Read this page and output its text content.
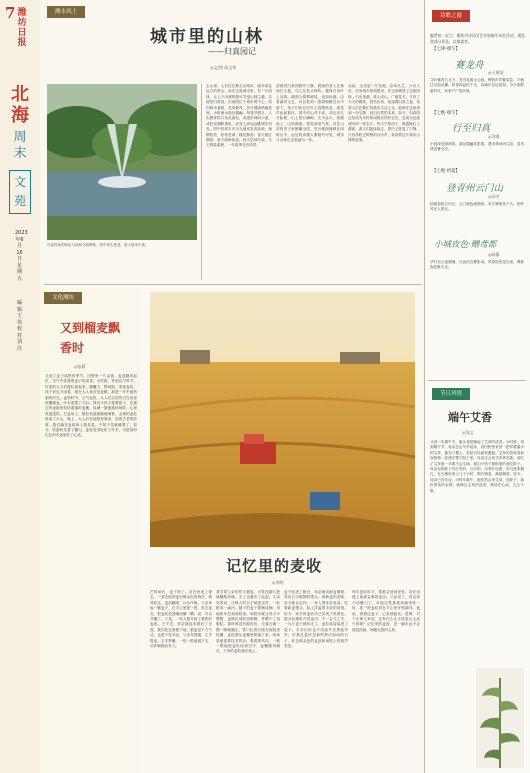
7 潍坊日报
北海
周末
文苑
2023年6月16日 星期五
编辑 王伟 校对 刘洋
潍水风土
城市里的山林
——归真园记
◎文/图 高宝华
归真园里的喷泉与绿树交相辉映，园中草木葱茏，游人络绎不绝。
去山里，人们往往要走出城市，驱车前往远方的青山。而在这座城市里，有一片园林，让人不出城郭便可享受山林之趣，这便是归真园。归真园位于城市的中心，园内林木葱郁，花草繁茂，亭台楼阁错落其间，小桥流水曲径通幽。每逢节假日，人们携家带口来此游玩，或漫步林间小道，或驻足湖畔观鱼，或登上高处远眺城市风光。园中的树木多为当地常见的品种，杨柳依依，松柏苍翠，槐花飘香。春天桃红柳绿，夏天绿荫如盖，秋天层林尽染，冬天银装素裹，一年四季各有风景。
清晨的归真园格外宁静，晨练的老人在林间打太极，鸟儿在枝头啼鸣，露珠在草叶上闪烁。湖面上薄雾缭绕，宛如仙境。沿着湖岸走去，可以看到一群群锦鲤在水中游弋，孩子们趴在栏杆上投喂鱼食，欢笑声此起彼伏。园中的山并不高，却也有几分险峻，山上怪石嶙峋，古木参天，拾级而上，山风拂面，顿觉神清气爽。站在山顶的亭子里俯瞰全园，亭台楼阁掩映在绿树丛中，远处的高楼大厦隐约可见，城市与山林在这里融为一体。
从前，这里是一片荒地，杂草丛生，少有人至。后来城市规划建设，在这里修建了这座园林，引水造湖，堆土成山，广植花木，才有了今天的模样。园名归真，取返璞归真之意，希望人们在繁忙的都市生活之余，能够在这里找到一份宁静，回归自然的本真。如今，归真园已经成为市民休闲娱乐的好去处，也成为这座城市的一张名片。每当夕阳西下，晚霞映红了湖面，游人们陆续离去，园中又恢复了宁静，只有风吹过树梢的沙沙声，诉说着这片城市山林的故事。
文化潍坊
又到榴麦飘香时
◎张莉
又到了麦子成熟的季节，田野里一片金黄，麦浪随风起伏，空气中弥漫着麦子的清香。小时候，每到这个时节，村里的大人们便忙碌起来，磨镰刀、整场院、准备麦收。孩子们也不闲着，跟在大人身后拾麦穗，那是一年中最热闹的时光。麦收时节，天气炎热，大人们头顶烈日在田里挥镰割麦，汗水湿透了衣衫。我们小孩子提着篮子，在割过的麦地里捡拾遗落的麦穗，捡满一篮便跑回场院，心里美滋滋的。打麦场上，脱粒机轰隆隆地响着，金黄的麦粒堆成了小山。晚上，大人们在场院里乘凉，讲着古老的故事，我们躺在麦秸垛上数星星，不知不觉就睡着了。如今，收割机代替了镰刀，麦收变得轻松了许多，可是那份记忆却永远留在了心底。
记忆里的麦收
◎李明
芒种前后，麦子熟了。站在田埂上望去，一望无际的麦田像金色的海洋，微风吹过，麦浪翻滚，沙沙作响。父亲拿起一穗麦子，在手心里搓一搓，吹去麦壳，把麦粒放进嘴里嚼一嚼，说：可以开镰了。于是，一家人便开始了紧张的麦收。天不亮，母亲就起来做好了早饭，我们吃过饭便下地。割麦是个力气活，也是个技术活，父亲弯着腰，左手揽麦，右手挥镰，一把一把地割下去，动作娴熟而有力。
我学着父亲的样子割麦，可是没割几把就腰酸背痛，手上也磨出了血泡。父亲笑着说，庄稼人的日子就是这样，一粒粮食一滴汗。割下的麦子要捆成捆，用地排车拉到场院里。场院早就压得平平整整，麦捆在场院里晾晒，等晒干了再脱粒。那时候没有脱粒机，全靠石磙一圈一圈地碾压，牲口拉着石磙在场院里转圈，麦粒便从麦穗里脱落下来。扬场是最需要技术的活，要看准风向，一锨一锨地把麦粒扬到空中，麦糠随风飘走，干净的麦粒落在地上。
麦子收进了粮仓，母亲便用新麦磨面，蒸出白白胖胖的馒头。那新麦的香味，至今难以忘怀。一家人围坐在桌前，吃着新麦馒头，脸上洋溢着丰收的喜悦。如今，家乡的麦收早已实现了机械化，联合收割机开进麦田，不一会儿工夫，一大片麦子就收完了，麦粒直接装进了袋子。乡亲们再也不用起早贪黑地劳作，可我总是怀念那些挥汗如雨的日子，怀念那金色的麦浪和场院上的欢声笑语。
每年麦收时节，我都会回到老家，站在田埂上看那金黄的麦田。父亲老了，再也拿不动镰刀了，可他还是喜欢到地里转一转，抓一把麦粒放在手心里仔细端详。他说，看着这麦子，心里就踏实。是啊，对于庄稼人来说，还有什么比丰收更让人高兴的呢？记忆里的麦收，是一幅永远不会褪色的画，珍藏在我的心底。
诗歌之窗
编者按：近日，潍坊市诗词学会开展端午诗会活动，现选登部分作品，以飨读者。
【七律·端午】
赛龙舟
◎王建国
艾叶飘香五月天，龙舟竞渡水云间。锣鼓声声催桨急，千帆过尽浪花翻。粽香四溢传千古，诗魂长存忆屈原。今日欢歌新时代，家家户户笑开颜。
【七绝·端午】
行至归真
◎刘海
小园深处绿荫浓，曲径通幽花影重。漫步林间听鸟语，清风徐送暑全空。
【七绝·初夏】
登青州云门山
◎孙宇
拾级登临万仞山，云门晓色画图间。寿字摩崖传千古，驼岭风光入梦还。
小城夜色·赠鸢都
◎陈静
华灯初上夜阑珊，白浪河边柳影闲。风筝摇曳星空里，鸢都夜色醉人还。
节日风情
端午艾香
◎刘文
又到一年端午节，街头巷尾飘起了艾草的清香。小时候，每到端午节，母亲总会早早起床，到田野里采回一把带着露水的艾草，插在门楣上，说是可以驱邪避瘟。艾草的香味清新而独特，弥漫在整个院子里。母亲还会用艾草煮鸡蛋，说吃了艾草蛋一年都不会生病。我们小孩子最盼望的是吃粽子，母亲包的粽子有红枣的、豆沙的，用苇叶包裹，用马莲草捆扎，在大锅里煮上几个小时，揭开锅盖，满屋飘香。如今，母亲已经年迈，可每年端午，她依然会采艾草、包粽子，那份浓浓的亲情，就像这艾草的清香，萦绕在心间，久久不散。
